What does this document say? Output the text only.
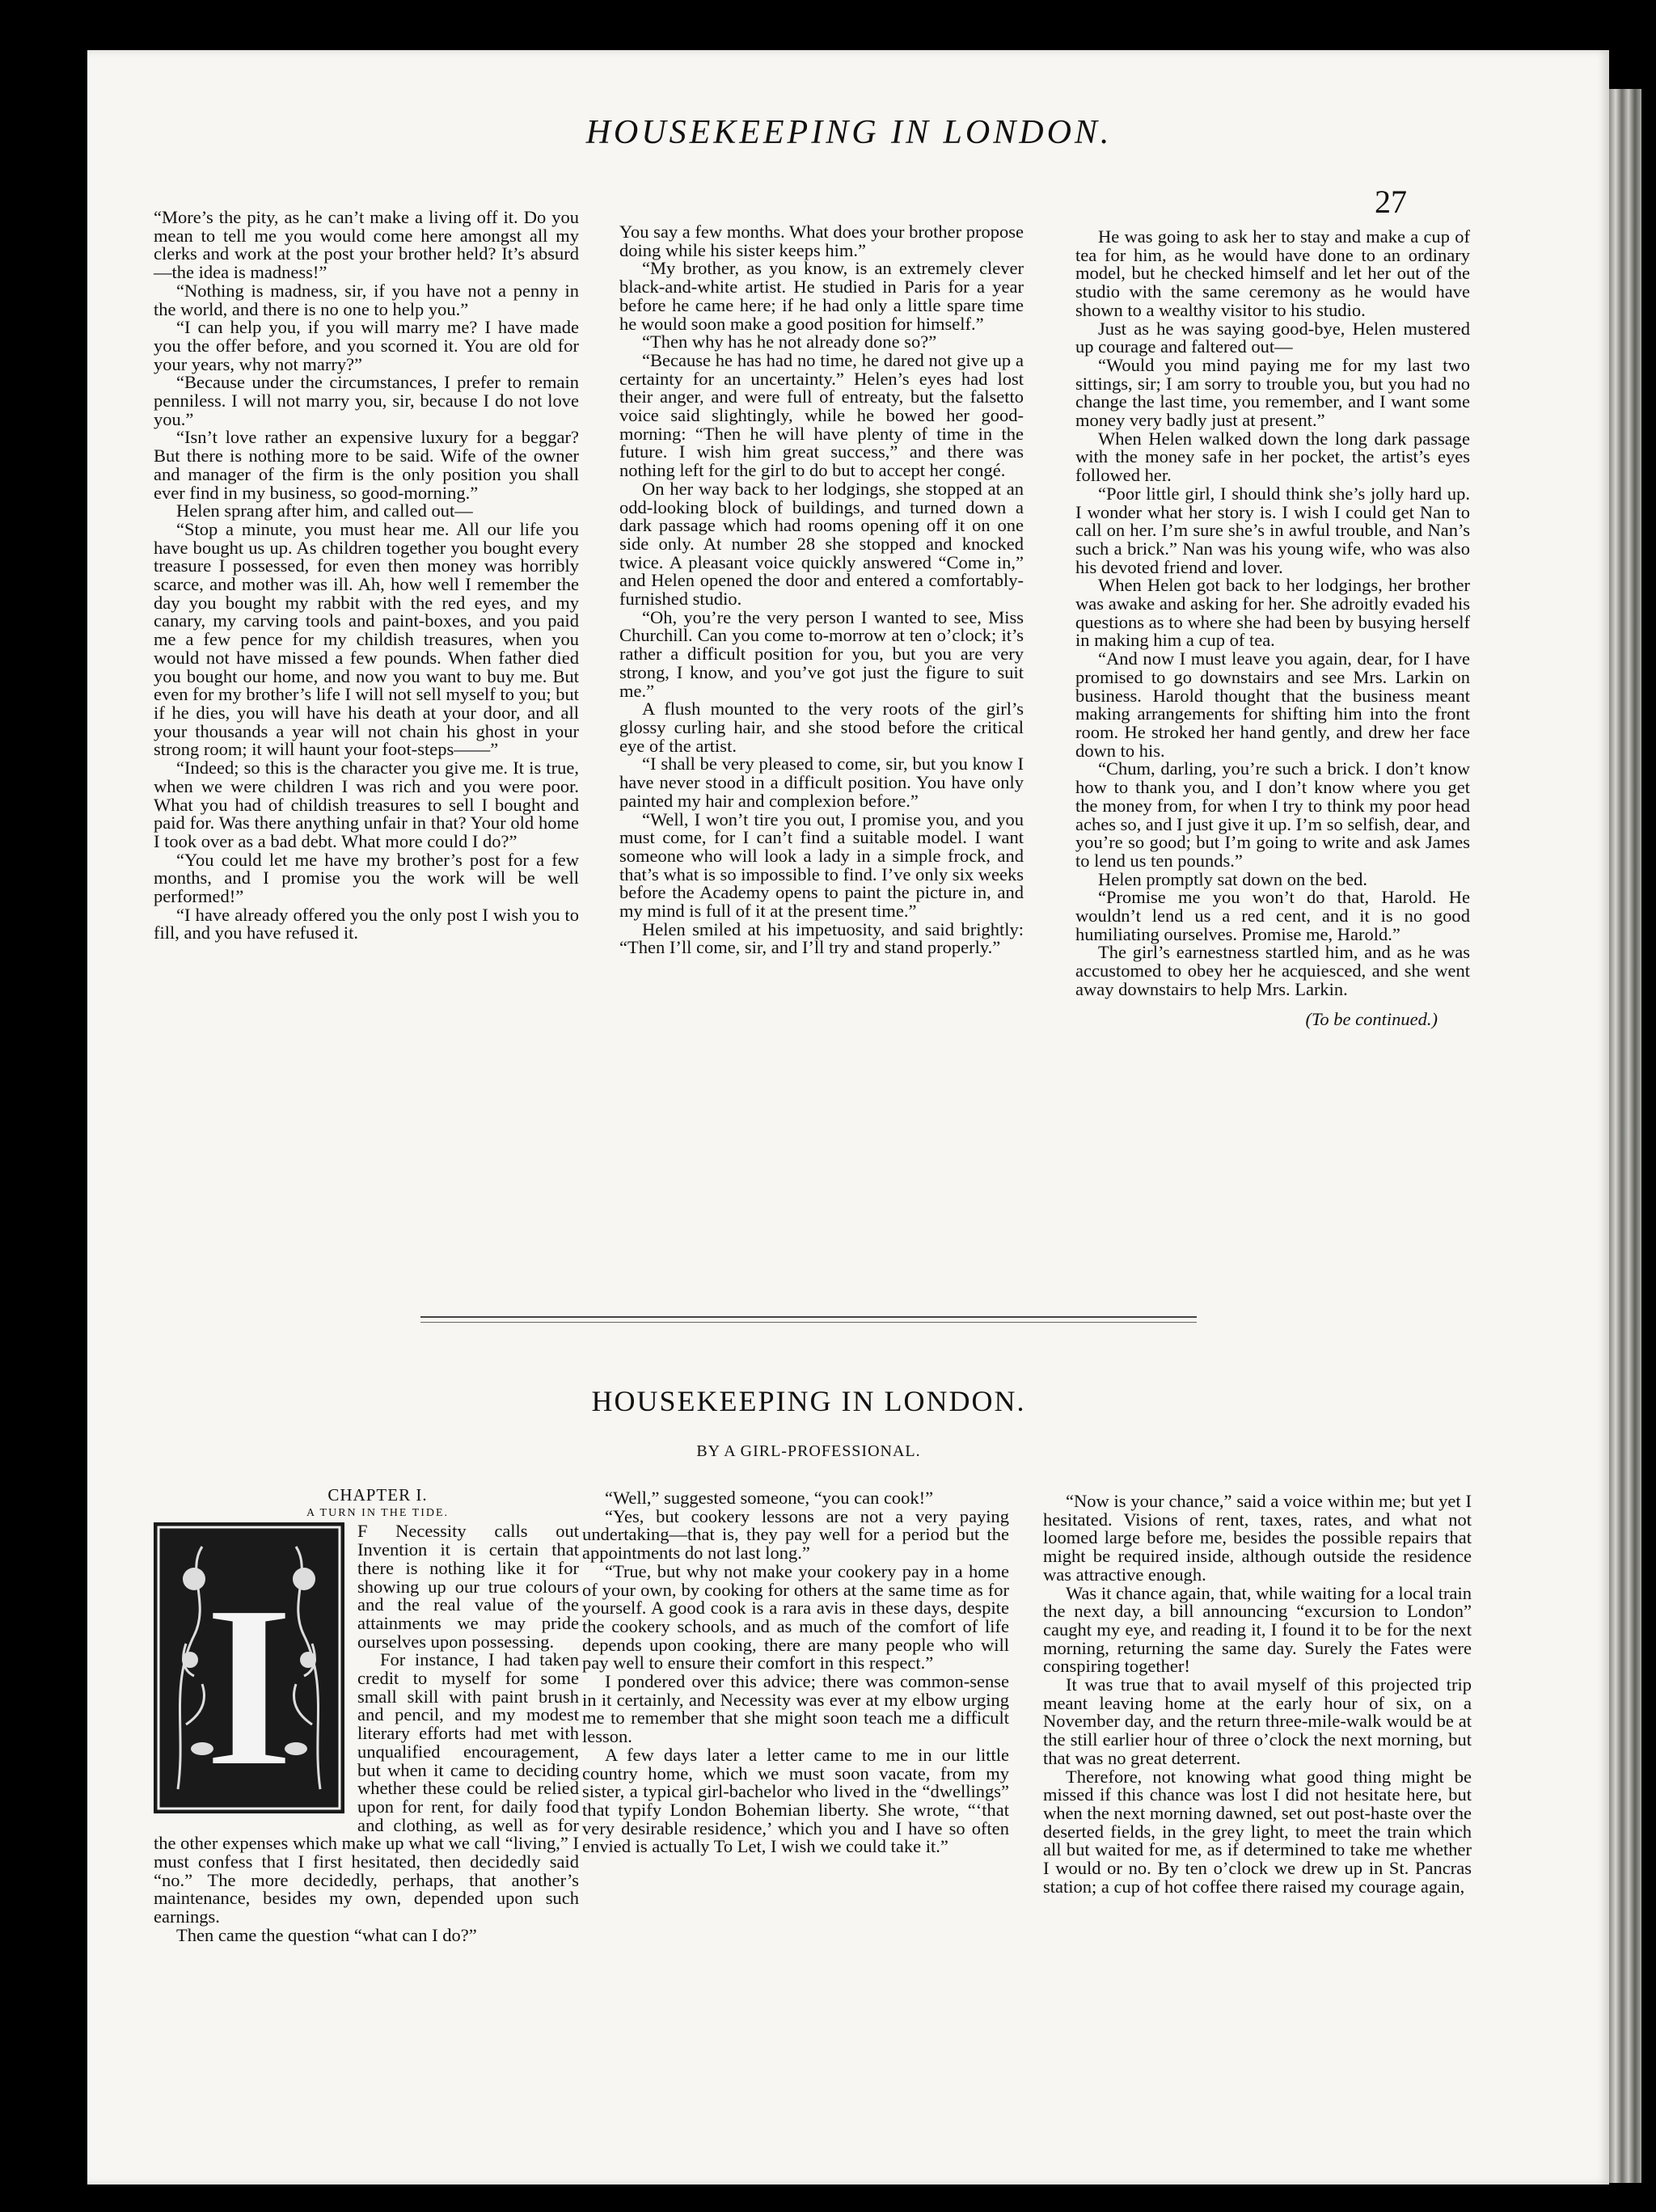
HOUSEKEEPING IN LONDON.
27

“More’s the pity, as he can’t make a living off it. Do you mean to tell me you would come here amongst all my clerks and work at the post your brother held? It’s absurd—the idea is madness!”

“Nothing is madness, sir, if you have not a penny in the world, and there is no one to help you.”

“I can help you, if you will marry me? I have made you the offer before, and you scorned it. You are old for your years, why not marry?”

“Because under the circumstances, I prefer to remain penniless. I will not marry you, sir, because I do not love you.”

“Isn’t love rather an expensive luxury for a beggar? But there is nothing more to be said. Wife of the owner and manager of the firm is the only position you shall ever find in my business, so good-morning.”

Helen sprang after him, and called out—

“Stop a minute, you must hear me. All our life you have bought us up. As children together you bought every treasure I possessed, for even then money was horribly scarce, and mother was ill. Ah, how well I remember the day you bought my rabbit with the red eyes, and my canary, my carving tools and paint-boxes, and you paid me a few pence for my childish treasures, when you would not have missed a few pounds. When father died you bought our home, and now you want to buy me. But even for my brother’s life I will not sell myself to you; but if he dies, you will have his death at your door, and all your thousands a year will not chain his ghost in your strong room; it will haunt your foot-steps——”

“Indeed; so this is the character you give me. It is true, when we were children I was rich and you were poor. What you had of childish treasures to sell I bought and paid for. Was there anything unfair in that? Your old home I took over as a bad debt. What more could I do?”

“You could let me have my brother’s post for a few months, and I promise you the work will be well performed!”

“I have already offered you the only post I wish you to fill, and you have refused it.

You say a few months. What does your brother propose doing while his sister keeps him.”

“My brother, as you know, is an extremely clever black-and-white artist. He studied in Paris for a year before he came here; if he had only a little spare time he would soon make a good position for himself.”

“Then why has he not already done so?”

“Because he has had no time, he dared not give up a certainty for an uncertainty.” Helen’s eyes had lost their anger, and were full of entreaty, but the falsetto voice said slightingly, while he bowed her good-morning: “Then he will have plenty of time in the future. I wish him great success,” and there was nothing left for the girl to do but to accept her congé.

On her way back to her lodgings, she stopped at an odd-looking block of buildings, and turned down a dark passage which had rooms opening off it on one side only. At number 28 she stopped and knocked twice. A pleasant voice quickly answered “Come in,” and Helen opened the door and entered a comfortably-furnished studio.

“Oh, you’re the very person I wanted to see, Miss Churchill. Can you come to-morrow at ten o’clock; it’s rather a difficult position for you, but you are very strong, I know, and you’ve got just the figure to suit me.”

A flush mounted to the very roots of the girl’s glossy curling hair, and she stood before the critical eye of the artist.

“I shall be very pleased to come, sir, but you know I have never stood in a difficult position. You have only painted my hair and complexion before.”

“Well, I won’t tire you out, I promise you, and you must come, for I can’t find a suitable model. I want someone who will look a lady in a simple frock, and that’s what is so impossible to find. I’ve only six weeks before the Academy opens to paint the picture in, and my mind is full of it at the present time.”

Helen smiled at his impetuosity, and said brightly: “Then I’ll come, sir, and I’ll try and stand properly.”

He was going to ask her to stay and make a cup of tea for him, as he would have done to an ordinary model, but he checked himself and let her out of the studio with the same ceremony as he would have shown to a wealthy visitor to his studio.

Just as he was saying good-bye, Helen mustered up courage and faltered out—

“Would you mind paying me for my last two sittings, sir; I am sorry to trouble you, but you had no change the last time, you remember, and I want some money very badly just at present.”

When Helen walked down the long dark passage with the money safe in her pocket, the artist’s eyes followed her.

“Poor little girl, I should think she’s jolly hard up. I wonder what her story is. I wish I could get Nan to call on her. I’m sure she’s in awful trouble, and Nan’s such a brick.” Nan was his young wife, who was also his devoted friend and lover.

When Helen got back to her lodgings, her brother was awake and asking for her. She adroitly evaded his questions as to where she had been by busying herself in making him a cup of tea.

“And now I must leave you again, dear, for I have promised to go downstairs and see Mrs. Larkin on business. Harold thought that the business meant making arrangements for shifting him into the front room. He stroked her hand gently, and drew her face down to his.

“Chum, darling, you’re such a brick. I don’t know how to thank you, and I don’t know where you get the money from, for when I try to think my poor head aches so, and I just give it up. I’m so selfish, dear, and you’re so good; but I’m going to write and ask James to lend us ten pounds.”

Helen promptly sat down on the bed.

“Promise me you won’t do that, Harold. He wouldn’t lend us a red cent, and it is no good humiliating ourselves. Promise me, Harold.”

The girl’s earnestness startled him, and as he was accustomed to obey her he acquiesced, and she went away downstairs to help Mrs. Larkin.

(To be continued.)

HOUSEKEEPING IN LONDON.
BY A GIRL-PROFESSIONAL.

CHAPTER I.

A TURN IN THE TIDE.

I

F Necessity calls out Invention it is certain that there is nothing like it for showing up our true colours and the real value of the attainments we may pride ourselves upon possessing.

For instance, I had taken credit to myself for some small skill with paint brush and pencil, and my modest literary efforts had met with unqualified encouragement, but when it came to deciding whether these could be relied upon for rent, for daily food and clothing, as well as for the other expenses which make up what we call “living,” I must confess that I first hesitated, then decidedly said “no.” The more decidedly, perhaps, that another’s maintenance, besides my own, depended upon such earnings.

Then came the question “what can I do?”

“Well,” suggested someone, “you can cook!”

“Yes, but cookery lessons are not a very paying undertaking—that is, they pay well for a period but the appointments do not last long.”

“True, but why not make your cookery pay in a home of your own, by cooking for others at the same time as for yourself. A good cook is a rara avis in these days, despite the cookery schools, and as much of the comfort of life depends upon cooking, there are many people who will pay well to ensure their comfort in this respect.”

I pondered over this advice; there was common-sense in it certainly, and Necessity was ever at my elbow urging me to remember that she might soon teach me a difficult lesson.

A few days later a letter came to me in our little country home, which we must soon vacate, from my sister, a typical girl-bachelor who lived in the “dwellings” that typify London Bohemian liberty. She wrote, “‘that very desirable residence,’ which you and I have so often envied is actually To Let, I wish we could take it.”

“Now is your chance,” said a voice within me; but yet I hesitated. Visions of rent, taxes, rates, and what not loomed large before me, besides the possible repairs that might be required inside, although outside the residence was attractive enough.

Was it chance again, that, while waiting for a local train the next day, a bill announcing “excursion to London” caught my eye, and reading it, I found it to be for the next morning, returning the same day. Surely the Fates were conspiring together!

It was true that to avail myself of this projected trip meant leaving home at the early hour of six, on a November day, and the return three-mile-walk would be at the still earlier hour of three o’clock the next morning, but that was no great deterrent.

Therefore, not knowing what good thing might be missed if this chance was lost I did not hesitate here, but when the next morning dawned, set out post-haste over the deserted fields, in the grey light, to meet the train which all but waited for me, as if determined to take me whether I would or no. By ten o’clock we drew up in St. Pancras station; a cup of hot coffee there raised my courage again,
